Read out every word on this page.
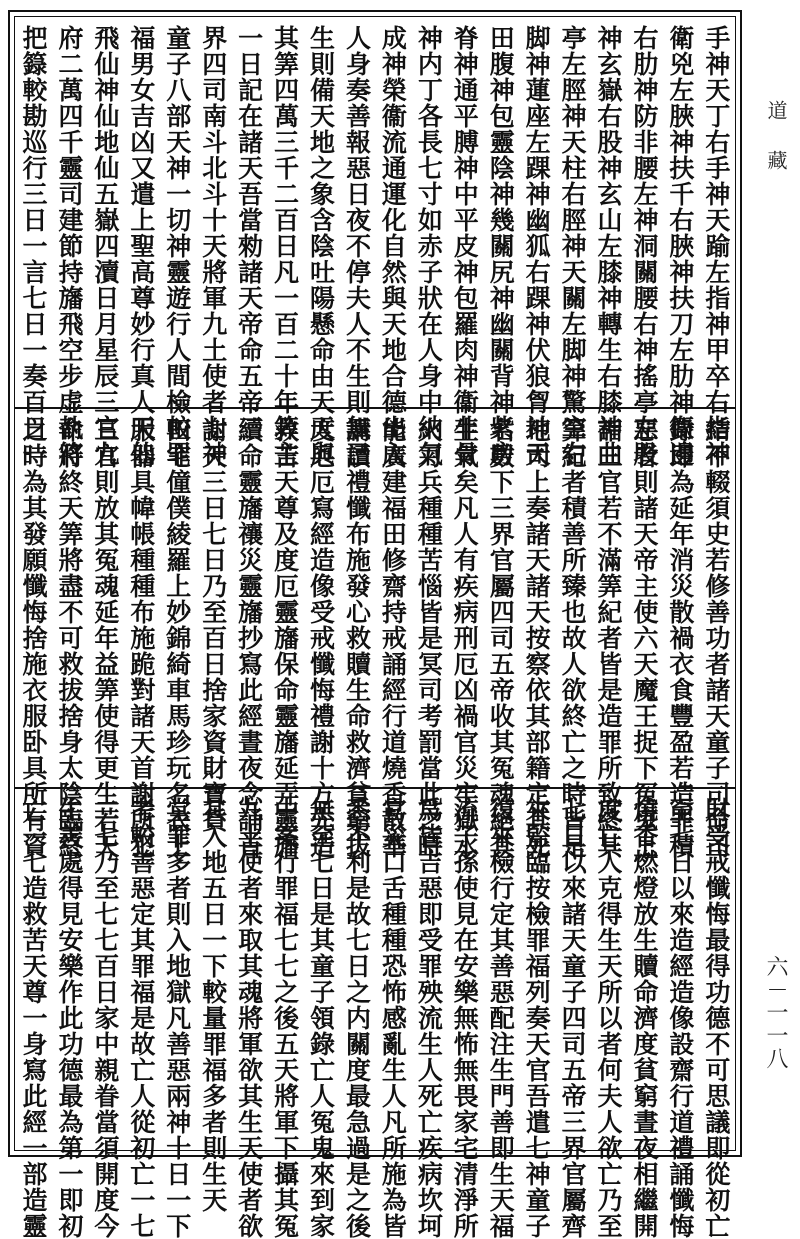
手神天丁右手神天踰左指神甲卒右指神
衛兇左脥神扶千右脥神扶刀左肋神衞邊
右肋神防非腰左神洞關腰右神搖亭左股
神玄嶽右股神玄山左膝神轉生右膝神曲
亭左脛神天柱右脛神天關左脚神驚空右
脚神蓮座左踝神幽狐右踝神伏狼胷神天
田腹神包靈陰神幾關尻神幽關背神紫房
脊神通平膊神中平皮神包羅肉神衞非骨
神内丁各長七寸如赤子狀在人身中納氣
成神榮衞流通運化自然與天地合德出入
人身奏善報惡日夜不停夫人不生則無已
生則備天地之象含陰吐陽懸命由天天與
其筭四萬三千二百日凡一百二十年筭主
一日記在諸天吾當勑諸天帝命五帝三
界四司南斗北斗十天將軍九土使者七神
童子八部天神一切神靈遊行人間檢較罪
福男女吉凶又遣上聖高尊妙行真人天仙
飛仙神仙地仙五嶽四瀆日月星辰三官九
府二萬四千靈司建節持旛飛空步虚執符
把籙較勘巡行三日一言七日一奏百日一
結不輟須史若修善功者諸天童子司命司
錄即為延年消災散禍衣食豐盈若造罪積
惡者則諸天帝主使六天魔王捉下冤鬼上
詣三官若不滿筭紀者皆是造罪所致終其
筭紀者積善所臻也故人欲終亡之時皆是
地司上奏諸天諸天按察依其部籍定其死
名數下三界官屬四司五帝收其冤魂絕其
生氣矣凡人有疾病刑厄凶禍官災牢獄水
火刀兵種種苦惱皆是冥司考罰當此之時
能廣建福田修齋持戒誦經行道燒香散華
講讀禮懺布施發心救贖生命救濟貧窮拔
度厄厄寫經造像受戒懺悔禮謝十方先造
救苦天尊及度厄靈旛保命靈旛延弄靈旛
續命靈旛禳災靈旛抄寫此經晝夜念誦首
謝天三日七日乃至百日捨家資財寶貨
田宅僮僕綾羅上妙錦綺車馬珍玩名衣上
服器具幃帳種種布施跪對諸天首謝所犯
三官則放其冤魂延年益筭使得更生若天
命將終天筭將盡不可救拔捨身太陰臨終
之時為其發願懺悔捨施衣服卧具所有資
財受戒懺悔最得功德不可思議即從初亡
至七日以來造經造像設齋行道禮誦懺悔
燒香燃燈放生贖命濟度貧窮晝夜相繼開
度亡人克得生天所以者何夫人欲亡乃至
七日以來諸天童子四司五帝三界官屬齊
來監臨按檢罪福列奏天官吾遣七神童子
復來檢行定其善惡配注生門善即生天福
流子孫使見在安樂無怖無畏家宅清淨所
爲皆吉惡即受罪殃流生人死亡疾病坎坷
官災口舌種種恐怖感亂生人凡所施為皆
悉不利是故七日之内關度最急過是之後
無至七日是其童子領錄亡人冤鬼來到家
中案行罪福七七之後五天將軍下攝其冤
九土使者來取其魂將軍欲其生天使者欲
其入地五日一下較量罪福多者則生天
堂罪多者則入地獄凡善惡兩神十日一下
考較善惡定其罪福是故亡人從初亡一七
二七乃至七七百日家中親眷當須開度今
生善處得見安樂作此功德最為第一即初
亡一七造救苦天尊一身寫此經一部造靈
道藏
六－一一八
